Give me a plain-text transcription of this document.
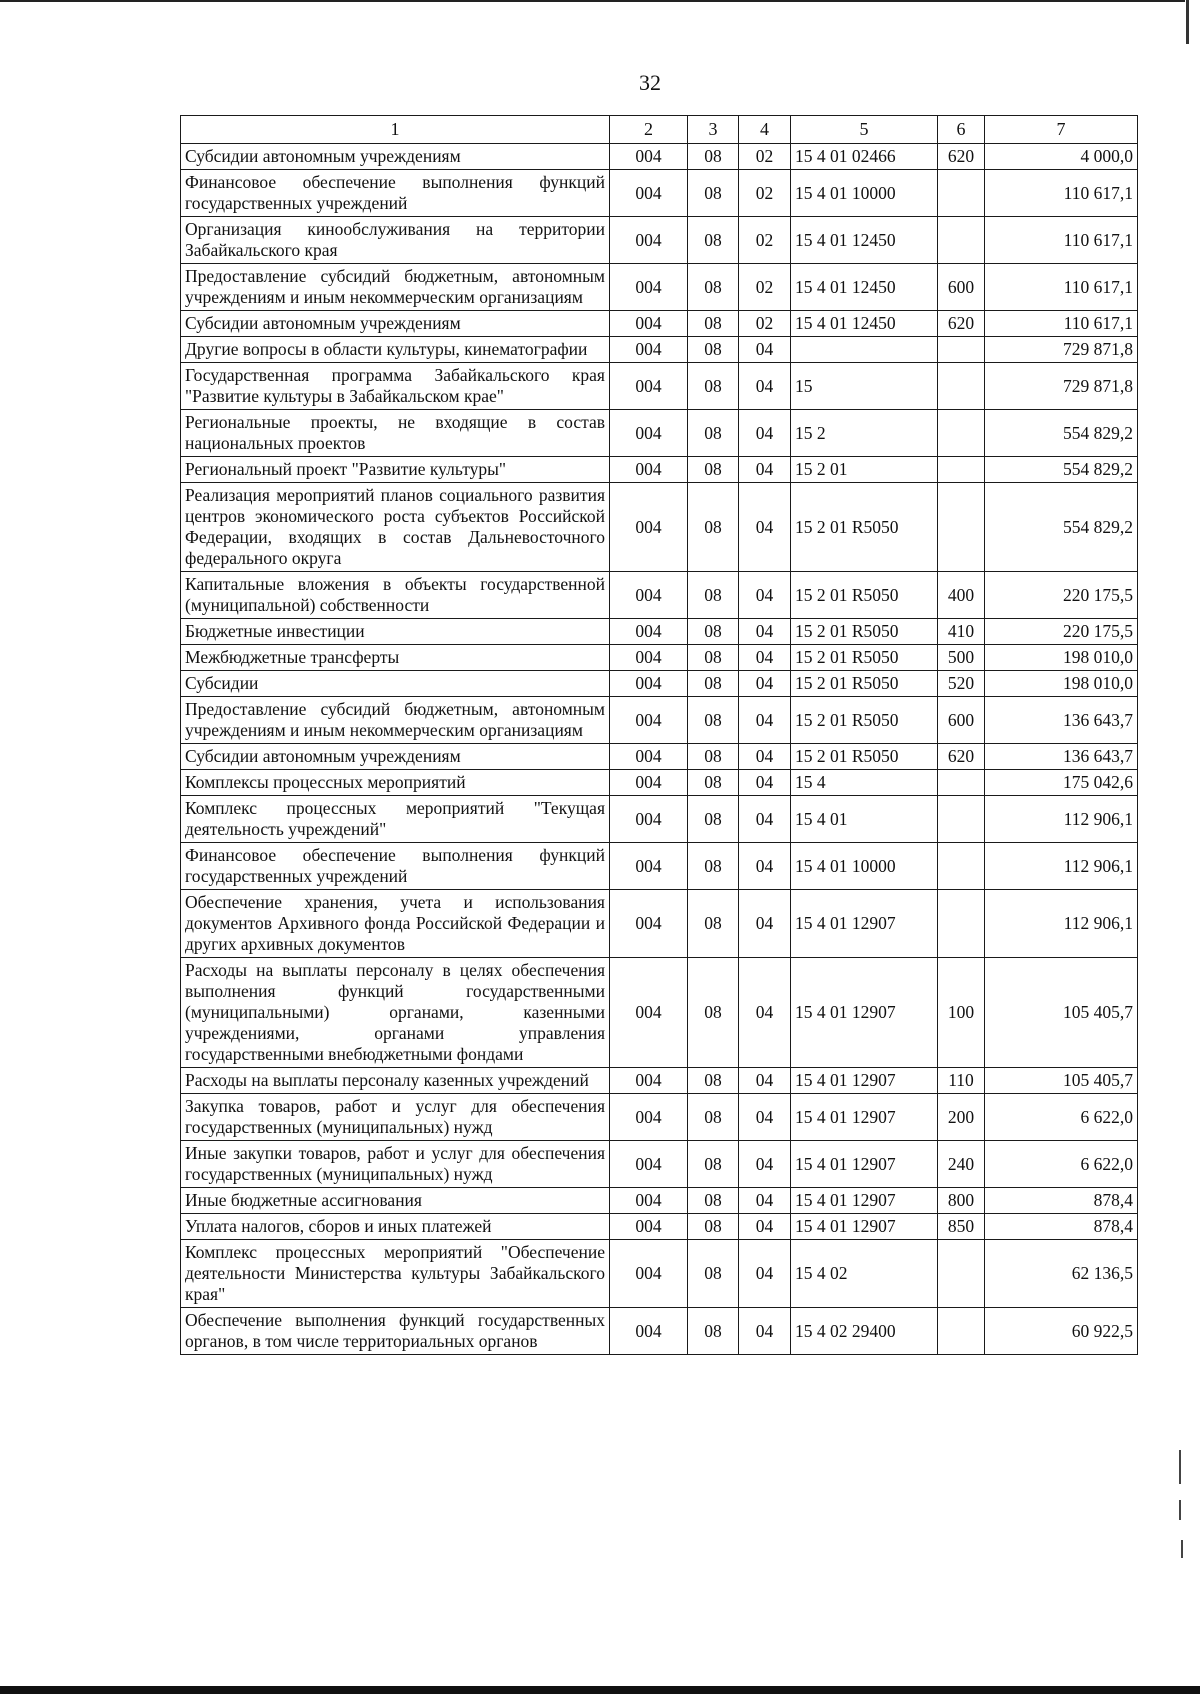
32
1	2	3	4	5	6	7
Субсидии автономным учреждениям	004	08	02	15 4 01 02466	620	4 000,0
Финансовое обеспечение выполнения функций государственных учреждений	004	08	02	15 4 01 10000		110 617,1
Организация кинообслуживания на территории Забайкальского края	004	08	02	15 4 01 12450		110 617,1
Предоставление субсидий бюджетным, автономным учреждениям и иным некоммерческим организациям	004	08	02	15 4 01 12450	600	110 617,1
Субсидии автономным учреждениям	004	08	02	15 4 01 12450	620	110 617,1
Другие вопросы в области культуры, кинематографии	004	08	04			729 871,8
Государственная программа Забайкальского края "Развитие культуры в Забайкальском крае"	004	08	04	15		729 871,8
Региональные проекты, не входящие в состав национальных проектов	004	08	04	15 2		554 829,2
Региональный проект "Развитие культуры"	004	08	04	15 2 01		554 829,2
Реализация мероприятий планов социального развития центров экономического роста субъектов Российской Федерации, входящих в состав Дальневосточного федерального округа	004	08	04	15 2 01 R5050		554 829,2
Капитальные вложения в объекты государственной (муниципальной) собственности	004	08	04	15 2 01 R5050	400	220 175,5
Бюджетные инвестиции	004	08	04	15 2 01 R5050	410	220 175,5
Межбюджетные трансферты	004	08	04	15 2 01 R5050	500	198 010,0
Субсидии	004	08	04	15 2 01 R5050	520	198 010,0
Предоставление субсидий бюджетным, автономным учреждениям и иным некоммерческим организациям	004	08	04	15 2 01 R5050	600	136 643,7
Субсидии автономным учреждениям	004	08	04	15 2 01 R5050	620	136 643,7
Комплексы процессных мероприятий	004	08	04	15 4		175 042,6
Комплекс процессных мероприятий "Текущая деятельность учреждений"	004	08	04	15 4 01		112 906,1
Финансовое обеспечение выполнения функций государственных учреждений	004	08	04	15 4 01 10000		112 906,1
Обеспечение хранения, учета и использования документов Архивного фонда Российской Федерации и других архивных документов	004	08	04	15 4 01 12907		112 906,1
Расходы на выплаты персоналу в целях обеспечения выполнения функций государственными (муниципальными) органами, казенными учреждениями, органами управления государственными внебюджетными фондами	004	08	04	15 4 01 12907	100	105 405,7
Расходы на выплаты персоналу казенных учреждений	004	08	04	15 4 01 12907	110	105 405,7
Закупка товаров, работ и услуг для обеспечения государственных (муниципальных) нужд	004	08	04	15 4 01 12907	200	6 622,0
Иные закупки товаров, работ и услуг для обеспечения государственных (муниципальных) нужд	004	08	04	15 4 01 12907	240	6 622,0
Иные бюджетные ассигнования	004	08	04	15 4 01 12907	800	878,4
Уплата налогов, сборов и иных платежей	004	08	04	15 4 01 12907	850	878,4
Комплекс процессных мероприятий "Обеспечение деятельности Министерства культуры Забайкальского края"	004	08	04	15 4 02		62 136,5
Обеспечение выполнения функций государственных органов, в том числе территориальных органов	004	08	04	15 4 02 29400		60 922,5
